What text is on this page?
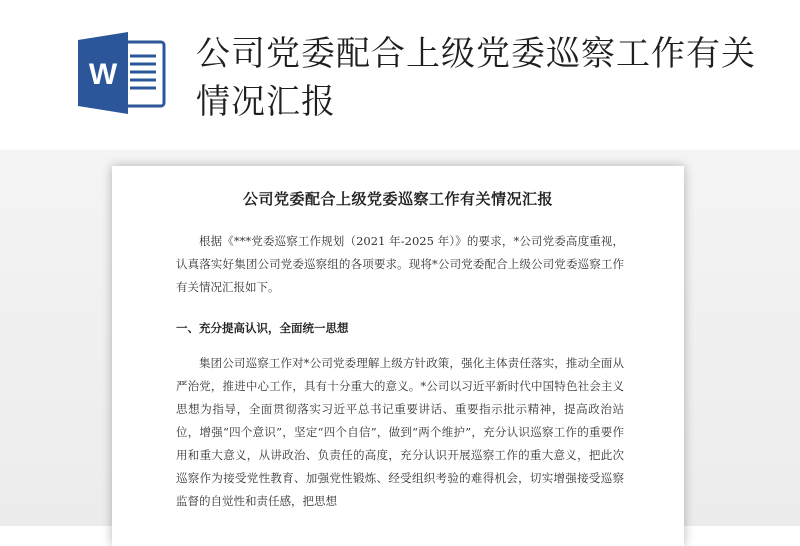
W
公司党委配合上级党委巡察工作有关情况汇报
公司党委配合上级党委巡察工作有关情况汇报
根据《***党委巡察工作规划（2021 年-2025 年）》的要求，*公司党委高度重视，认真落实好集团公司党委巡察组的各项要求。现将*公司党委配合上级公司党委巡察工作有关情况汇报如下。
一、充分提高认识，全面统一思想
集团公司巡察工作对*公司党委理解上级方针政策，强化主体责任落实，推动全面从严治党，推进中心工作，具有十分重大的意义。*公司以习近平新时代中国特色社会主义思想为指导，全面贯彻落实习近平总书记重要讲话、重要指示批示精神，提高政治站位，增强“四个意识”，坚定“四个自信”，做到“两个维护”，充分认识巡察工作的重要作用和重大意义，从讲政治、负责任的高度，充分认识开展巡察工作的重大意义，把此次巡察作为接受党性教育、加强党性锻炼、经受组织考验的难得机会，切实增强接受巡察监督的自觉性和责任感，把思想
